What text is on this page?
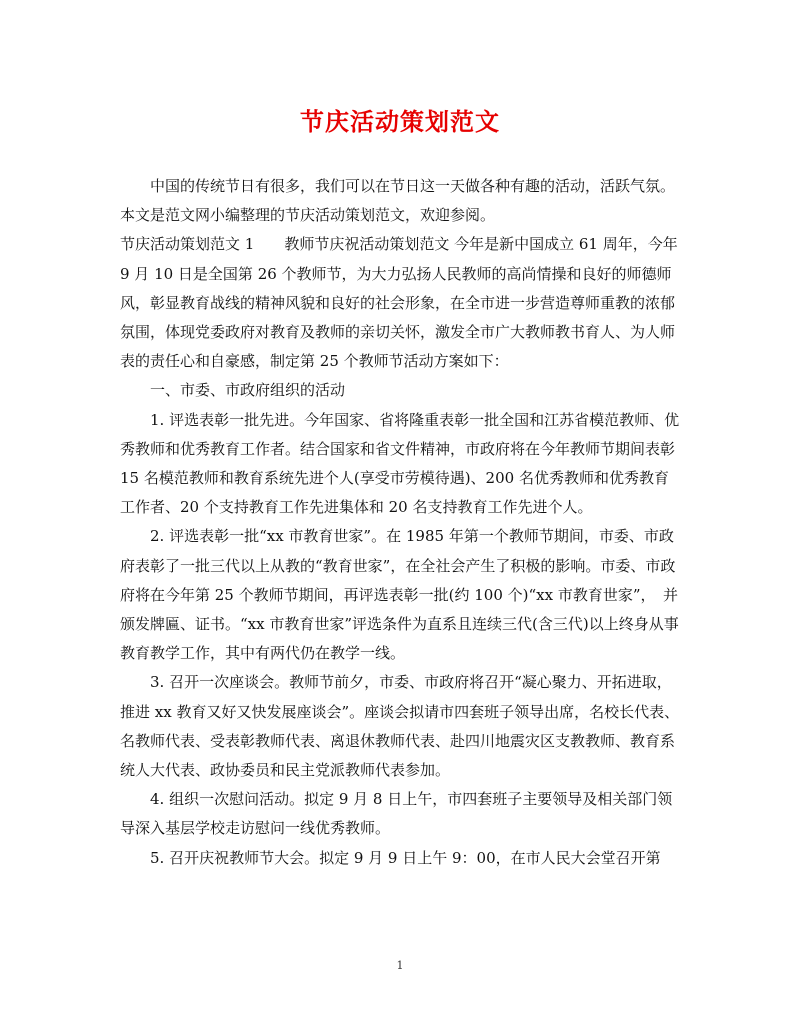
节庆活动策划范文

中国的传统节日有很多，我们可以在节日这一天做各种有趣的活动，活跃气氛。本文是范文网小编整理的节庆活动策划范文，欢迎参阅。

节庆活动策划范文 1　　教师节庆祝活动策划范文 今年是新中国成立 61 周年，今年 9 月 10 日是全国第 26 个教师节，为大力弘扬人民教师的高尚情操和良好的师德师风，彰显教育战线的精神风貌和良好的社会形象，在全市进一步营造尊师重教的浓郁氛围，体现党委政府对教育及教师的亲切关怀，激发全市广大教师教书育人、为人师表的责任心和自豪感，制定第 25 个教师节活动方案如下：

一、市委、市政府组织的活动

1. 评选表彰一批先进。今年国家、省将隆重表彰一批全国和江苏省模范教师、优秀教师和优秀教育工作者。结合国家和省文件精神，市政府将在今年教师节期间表彰 15 名模范教师和教育系统先进个人(享受市劳模待遇)、200 名优秀教师和优秀教育工作者、20 个支持教育工作先进集体和 20 名支持教育工作先进个人。

2. 评选表彰一批“xx 市教育世家”。在 1985 年第一个教师节期间，市委、市政府表彰了一批三代以上从教的“教育世家”，在全社会产生了积极的影响。市委、市政府将在今年第 25 个教师节期间，再评选表彰一批(约 100 个)“xx 市教育世家”，　并颁发牌匾、证书。“xx 市教育世家”评选条件为直系且连续三代(含三代)以上终身从事教育教学工作，其中有两代仍在教学一线。

3. 召开一次座谈会。教师节前夕，市委、市政府将召开“凝心聚力、开拓进取，推进 xx 教育又好又快发展座谈会”。座谈会拟请市四套班子领导出席，名校长代表、名教师代表、受表彰教师代表、离退休教师代表、赴四川地震灾区支教教师、教育系统人大代表、政协委员和民主党派教师代表参加。

4. 组织一次慰问活动。拟定 9 月 8 日上午，市四套班子主要领导及相关部门领导深入基层学校走访慰问一线优秀教师。

5. 召开庆祝教师节大会。拟定 9 月 9 日上午 9：00，在市人民大会堂召开第

1
